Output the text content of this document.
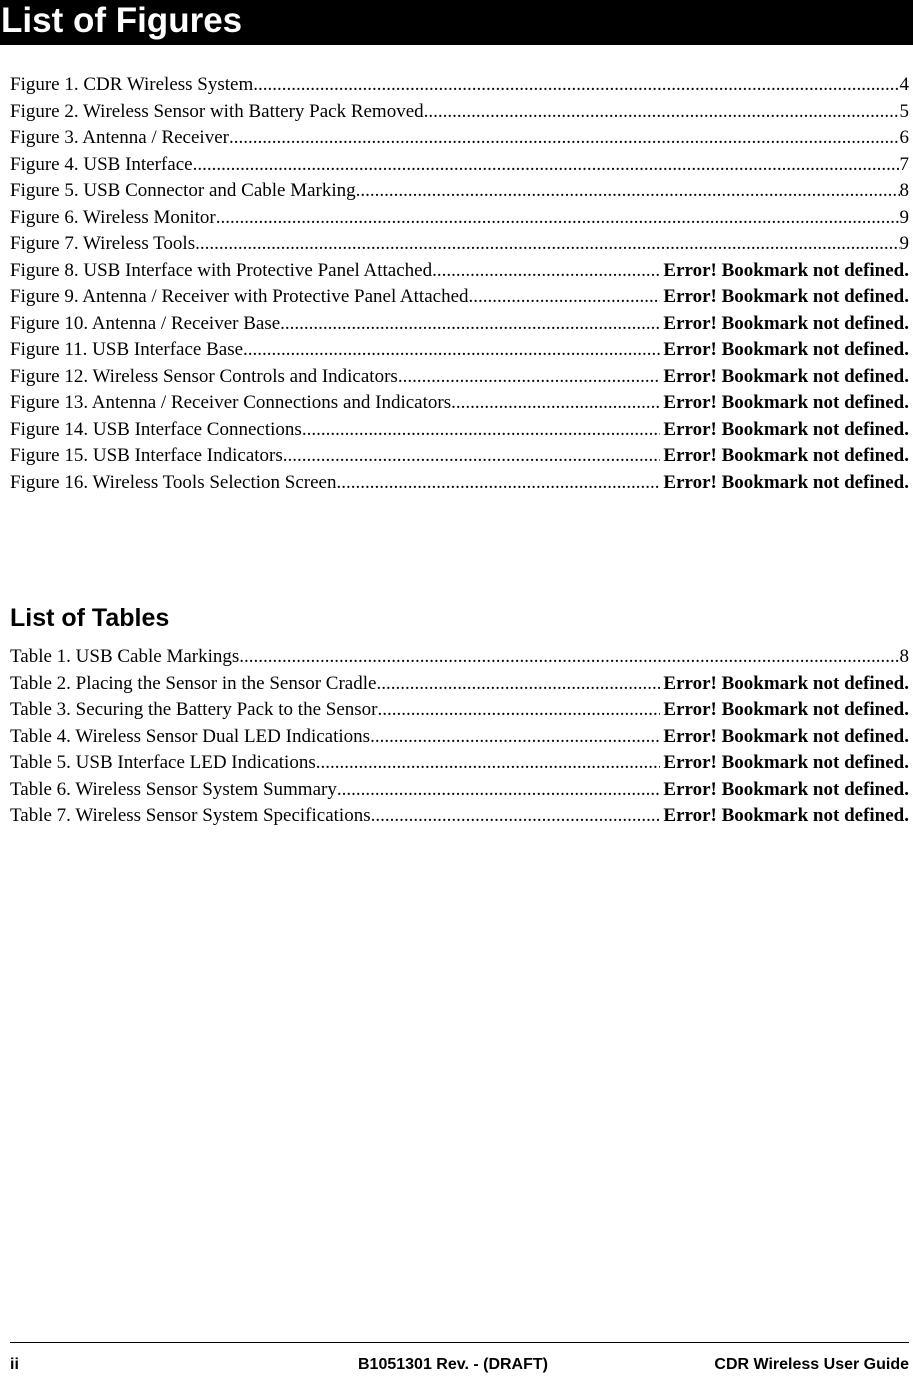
List of Figures
Figure 1. CDR Wireless System .....	4
Figure 2. Wireless Sensor with Battery Pack Removed .....	5
Figure 3. Antenna / Receiver .....	6
Figure 4. USB Interface .....	7
Figure 5. USB Connector and Cable Marking .....	8
Figure 6. Wireless Monitor .....	9
Figure 7. Wireless Tools .....	9
Figure 8. USB Interface with Protective Panel Attached .....	Error! Bookmark not defined.
Figure 9. Antenna / Receiver with Protective Panel Attached .....	Error! Bookmark not defined.
Figure 10. Antenna / Receiver Base .....	Error! Bookmark not defined.
Figure 11. USB Interface Base .....	Error! Bookmark not defined.
Figure 12. Wireless Sensor Controls and Indicators .....	Error! Bookmark not defined.
Figure 13. Antenna / Receiver Connections and Indicators .....	Error! Bookmark not defined.
Figure 14. USB Interface Connections .....	Error! Bookmark not defined.
Figure 15. USB Interface Indicators .....	Error! Bookmark not defined.
Figure 16. Wireless Tools Selection Screen .....	Error! Bookmark not defined.
List of Tables
Table 1. USB Cable Markings .....	8
Table 2. Placing the Sensor in the Sensor Cradle .....	Error! Bookmark not defined.
Table 3. Securing the Battery Pack to the Sensor .....	Error! Bookmark not defined.
Table 4. Wireless Sensor Dual LED Indications .....	Error! Bookmark not defined.
Table 5. USB Interface LED Indications .....	Error! Bookmark not defined.
Table 6. Wireless Sensor System Summary .....	Error! Bookmark not defined.
Table 7. Wireless Sensor System Specifications .....	Error! Bookmark not defined.
ii	B1051301 Rev. - (DRAFT)	CDR Wireless User Guide
